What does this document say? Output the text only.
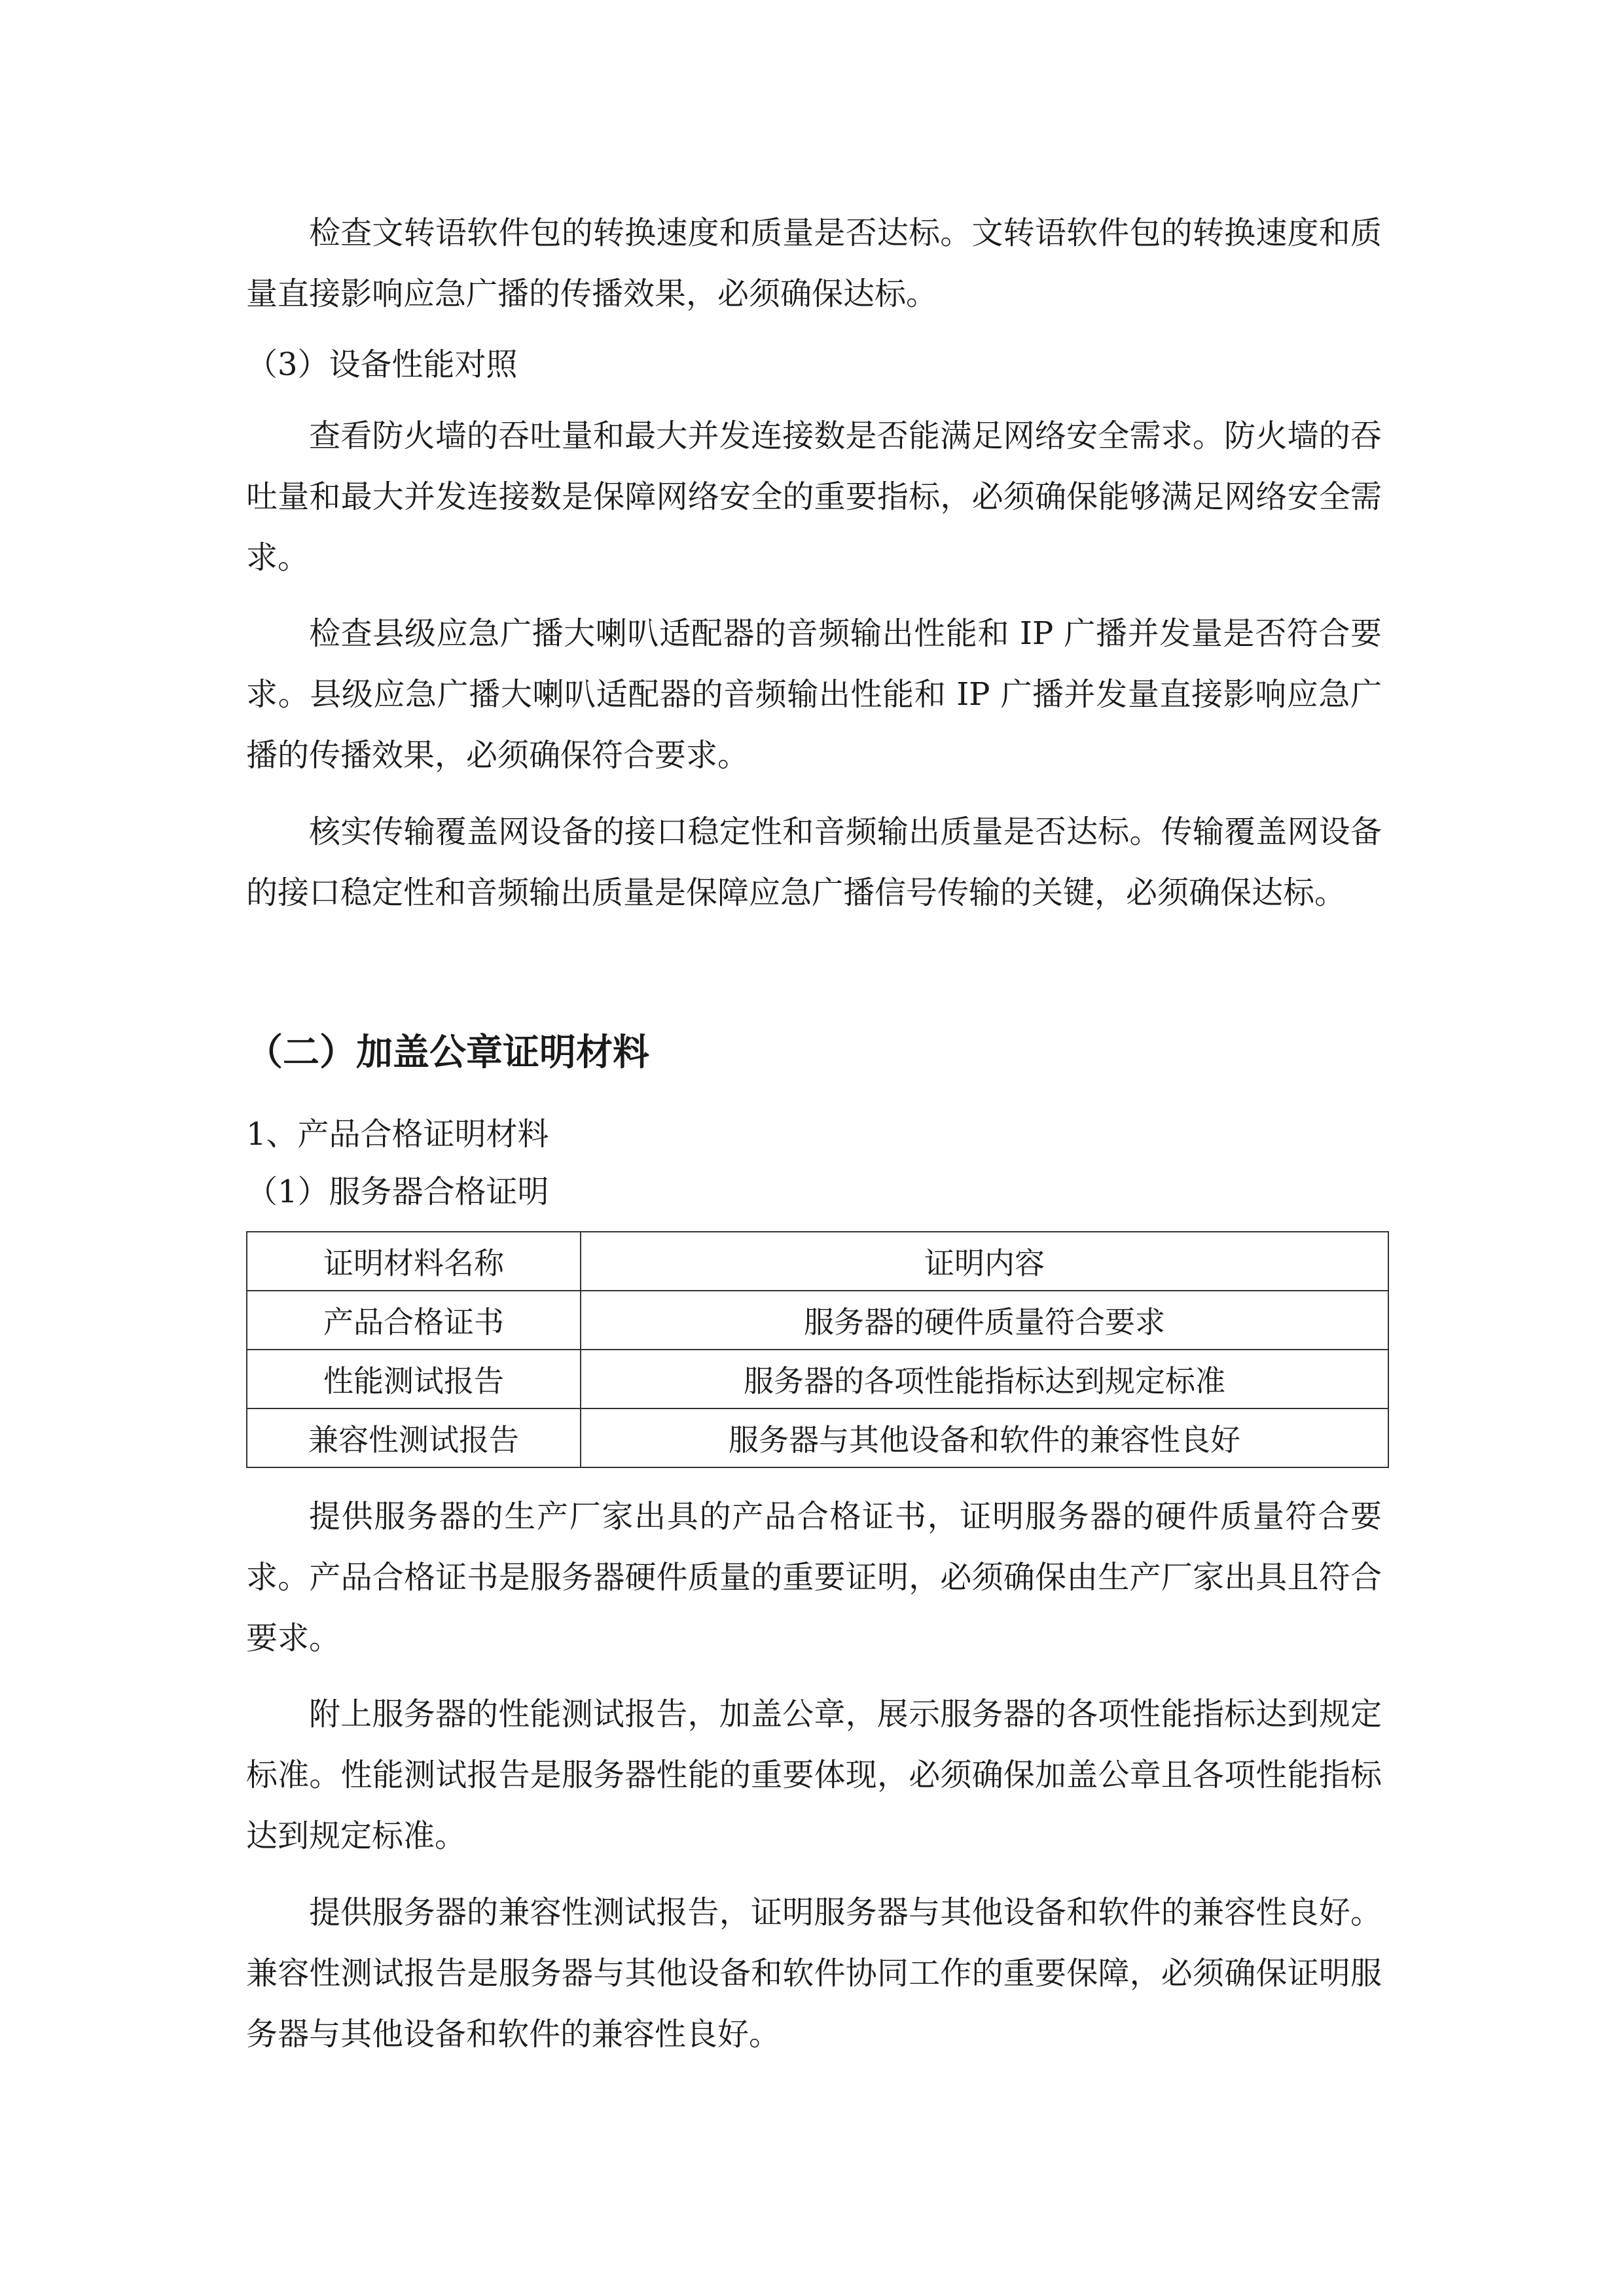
检查文转语软件包的转换速度和质量是否达标。文转语软件包的转换速度和质量直接影响应急广播的传播效果，必须确保达标。

（3）设备性能对照

查看防火墙的吞吐量和最大并发连接数是否能满足网络安全需求。防火墙的吞吐量和最大并发连接数是保障网络安全的重要指标，必须确保能够满足网络安全需求。

检查县级应急广播大喇叭适配器的音频输出性能和 IP 广播并发量是否符合要求。县级应急广播大喇叭适配器的音频输出性能和 IP 广播并发量直接影响应急广播的传播效果，必须确保符合要求。

核实传输覆盖网设备的接口稳定性和音频输出质量是否达标。传输覆盖网设备的接口稳定性和音频输出质量是保障应急广播信号传输的关键，必须确保达标。

（二）加盖公章证明材料

1、产品合格证明材料

（1）服务器合格证明

证明材料名称	证明内容
产品合格证书	服务器的硬件质量符合要求
性能测试报告	服务器的各项性能指标达到规定标准
兼容性测试报告	服务器与其他设备和软件的兼容性良好

提供服务器的生产厂家出具的产品合格证书，证明服务器的硬件质量符合要求。产品合格证书是服务器硬件质量的重要证明，必须确保由生产厂家出具且符合要求。

附上服务器的性能测试报告，加盖公章，展示服务器的各项性能指标达到规定标准。性能测试报告是服务器性能的重要体现，必须确保加盖公章且各项性能指标达到规定标准。

提供服务器的兼容性测试报告，证明服务器与其他设备和软件的兼容性良好。兼容性测试报告是服务器与其他设备和软件协同工作的重要保障，必须确保证明服务器与其他设备和软件的兼容性良好。
